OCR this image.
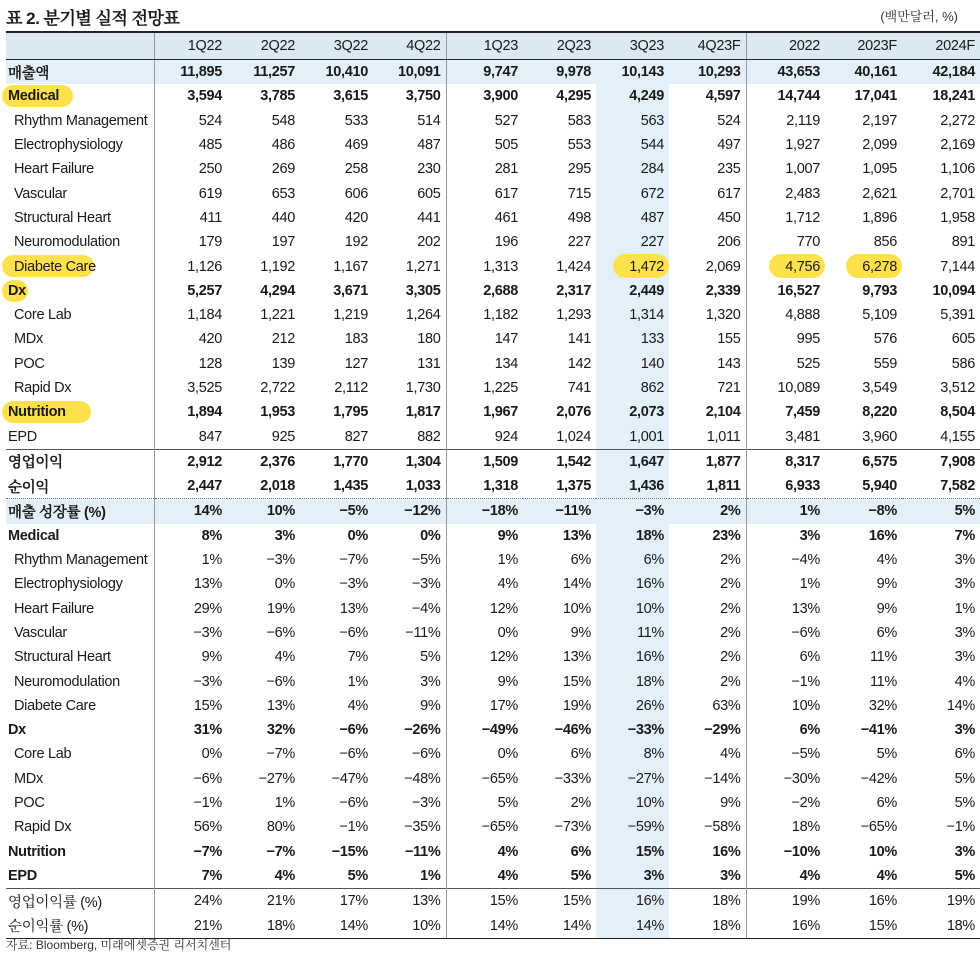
표 2. 분기별 실적 전망표	(백만달러, %)
	1Q22	2Q22	3Q22	4Q22	1Q23	2Q23	3Q23	4Q23F	2022	2023F	2024F
매출액	11,895	11,257	10,410	10,091	9,747	9,978	10,143	10,293	43,653	40,161	42,184

Medical	3,594	3,785	3,615	3,750	3,900	4,295	4,249	4,597	14,744	17,041	18,241
Rhythm Management	524	548	533	514	527	583	563	524	2,119	2,197	2,272
Electrophysiology	485	486	469	487	505	553	544	497	1,927	2,099	2,169
Heart Failure	250	269	258	230	281	295	284	235	1,007	1,095	1,106
Vascular	619	653	606	605	617	715	672	617	2,483	2,621	2,701
Structural Heart	411	440	420	441	461	498	487	450	1,712	1,896	1,958
Neuromodulation	179	197	192	202	196	227	227	206	770	856	891

Diabete Care	1,126	1,192	1,167	1,271	1,313	1,424	1,472	2,069	4,756	6,278	7,144

Dx	5,257	4,294	3,671	3,305	2,688	2,317	2,449	2,339	16,527	9,793	10,094
Core Lab	1,184	1,221	1,219	1,264	1,182	1,293	1,314	1,320	4,888	5,109	5,391
MDx	420	212	183	180	147	141	133	155	995	576	605
POC	128	139	127	131	134	142	140	143	525	559	586
Rapid Dx	3,525	2,722	2,112	1,730	1,225	741	862	721	10,089	3,549	3,512

Nutrition	1,894	1,953	1,795	1,817	1,967	2,076	2,073	2,104	7,459	8,220	8,504
EPD	847	925	827	882	924	1,024	1,001	1,011	3,481	3,960	4,155
영업이익	2,912	2,376	1,770	1,304	1,509	1,542	1,647	1,877	8,317	6,575	7,908
순이익	2,447	2,018	1,435	1,033	1,318	1,375	1,436	1,811	6,933	5,940	7,582
매출 성장률 (%)	14%	10%	−5%	−12%	−18%	−11%	−3%	2%	1%	−8%	5%
Medical	8%	3%	0%	0%	9%	13%	18%	23%	3%	16%	7%
Rhythm Management	1%	−3%	−7%	−5%	1%	6%	6%	2%	−4%	4%	3%
Electrophysiology	13%	0%	−3%	−3%	4%	14%	16%	2%	1%	9%	3%
Heart Failure	29%	19%	13%	−4%	12%	10%	10%	2%	13%	9%	1%
Vascular	−3%	−6%	−6%	−11%	0%	9%	11%	2%	−6%	6%	3%
Structural Heart	9%	4%	7%	5%	12%	13%	16%	2%	6%	11%	3%
Neuromodulation	−3%	−6%	1%	3%	9%	15%	18%	2%	−1%	11%	4%
Diabete Care	15%	13%	4%	9%	17%	19%	26%	63%	10%	32%	14%
Dx	31%	32%	−6%	−26%	−49%	−46%	−33%	−29%	6%	−41%	3%
Core Lab	0%	−7%	−6%	−6%	0%	6%	8%	4%	−5%	5%	6%
MDx	−6%	−27%	−47%	−48%	−65%	−33%	−27%	−14%	−30%	−42%	5%
POC	−1%	1%	−6%	−3%	5%	2%	10%	9%	−2%	6%	5%
Rapid Dx	56%	80%	−1%	−35%	−65%	−73%	−59%	−58%	18%	−65%	−1%
Nutrition	−7%	−7%	−15%	−11%	4%	6%	15%	16%	−10%	10%	3%
EPD	7%	4%	5%	1%	4%	5%	3%	3%	4%	4%	5%
영업이익률 (%)	24%	21%	17%	13%	15%	15%	16%	18%	19%	16%	19%
순이익률 (%)	21%	18%	14%	10%	14%	14%	14%	18%	16%	15%	18%
자료: Bloomberg, 미래에셋증권 리서치센터
